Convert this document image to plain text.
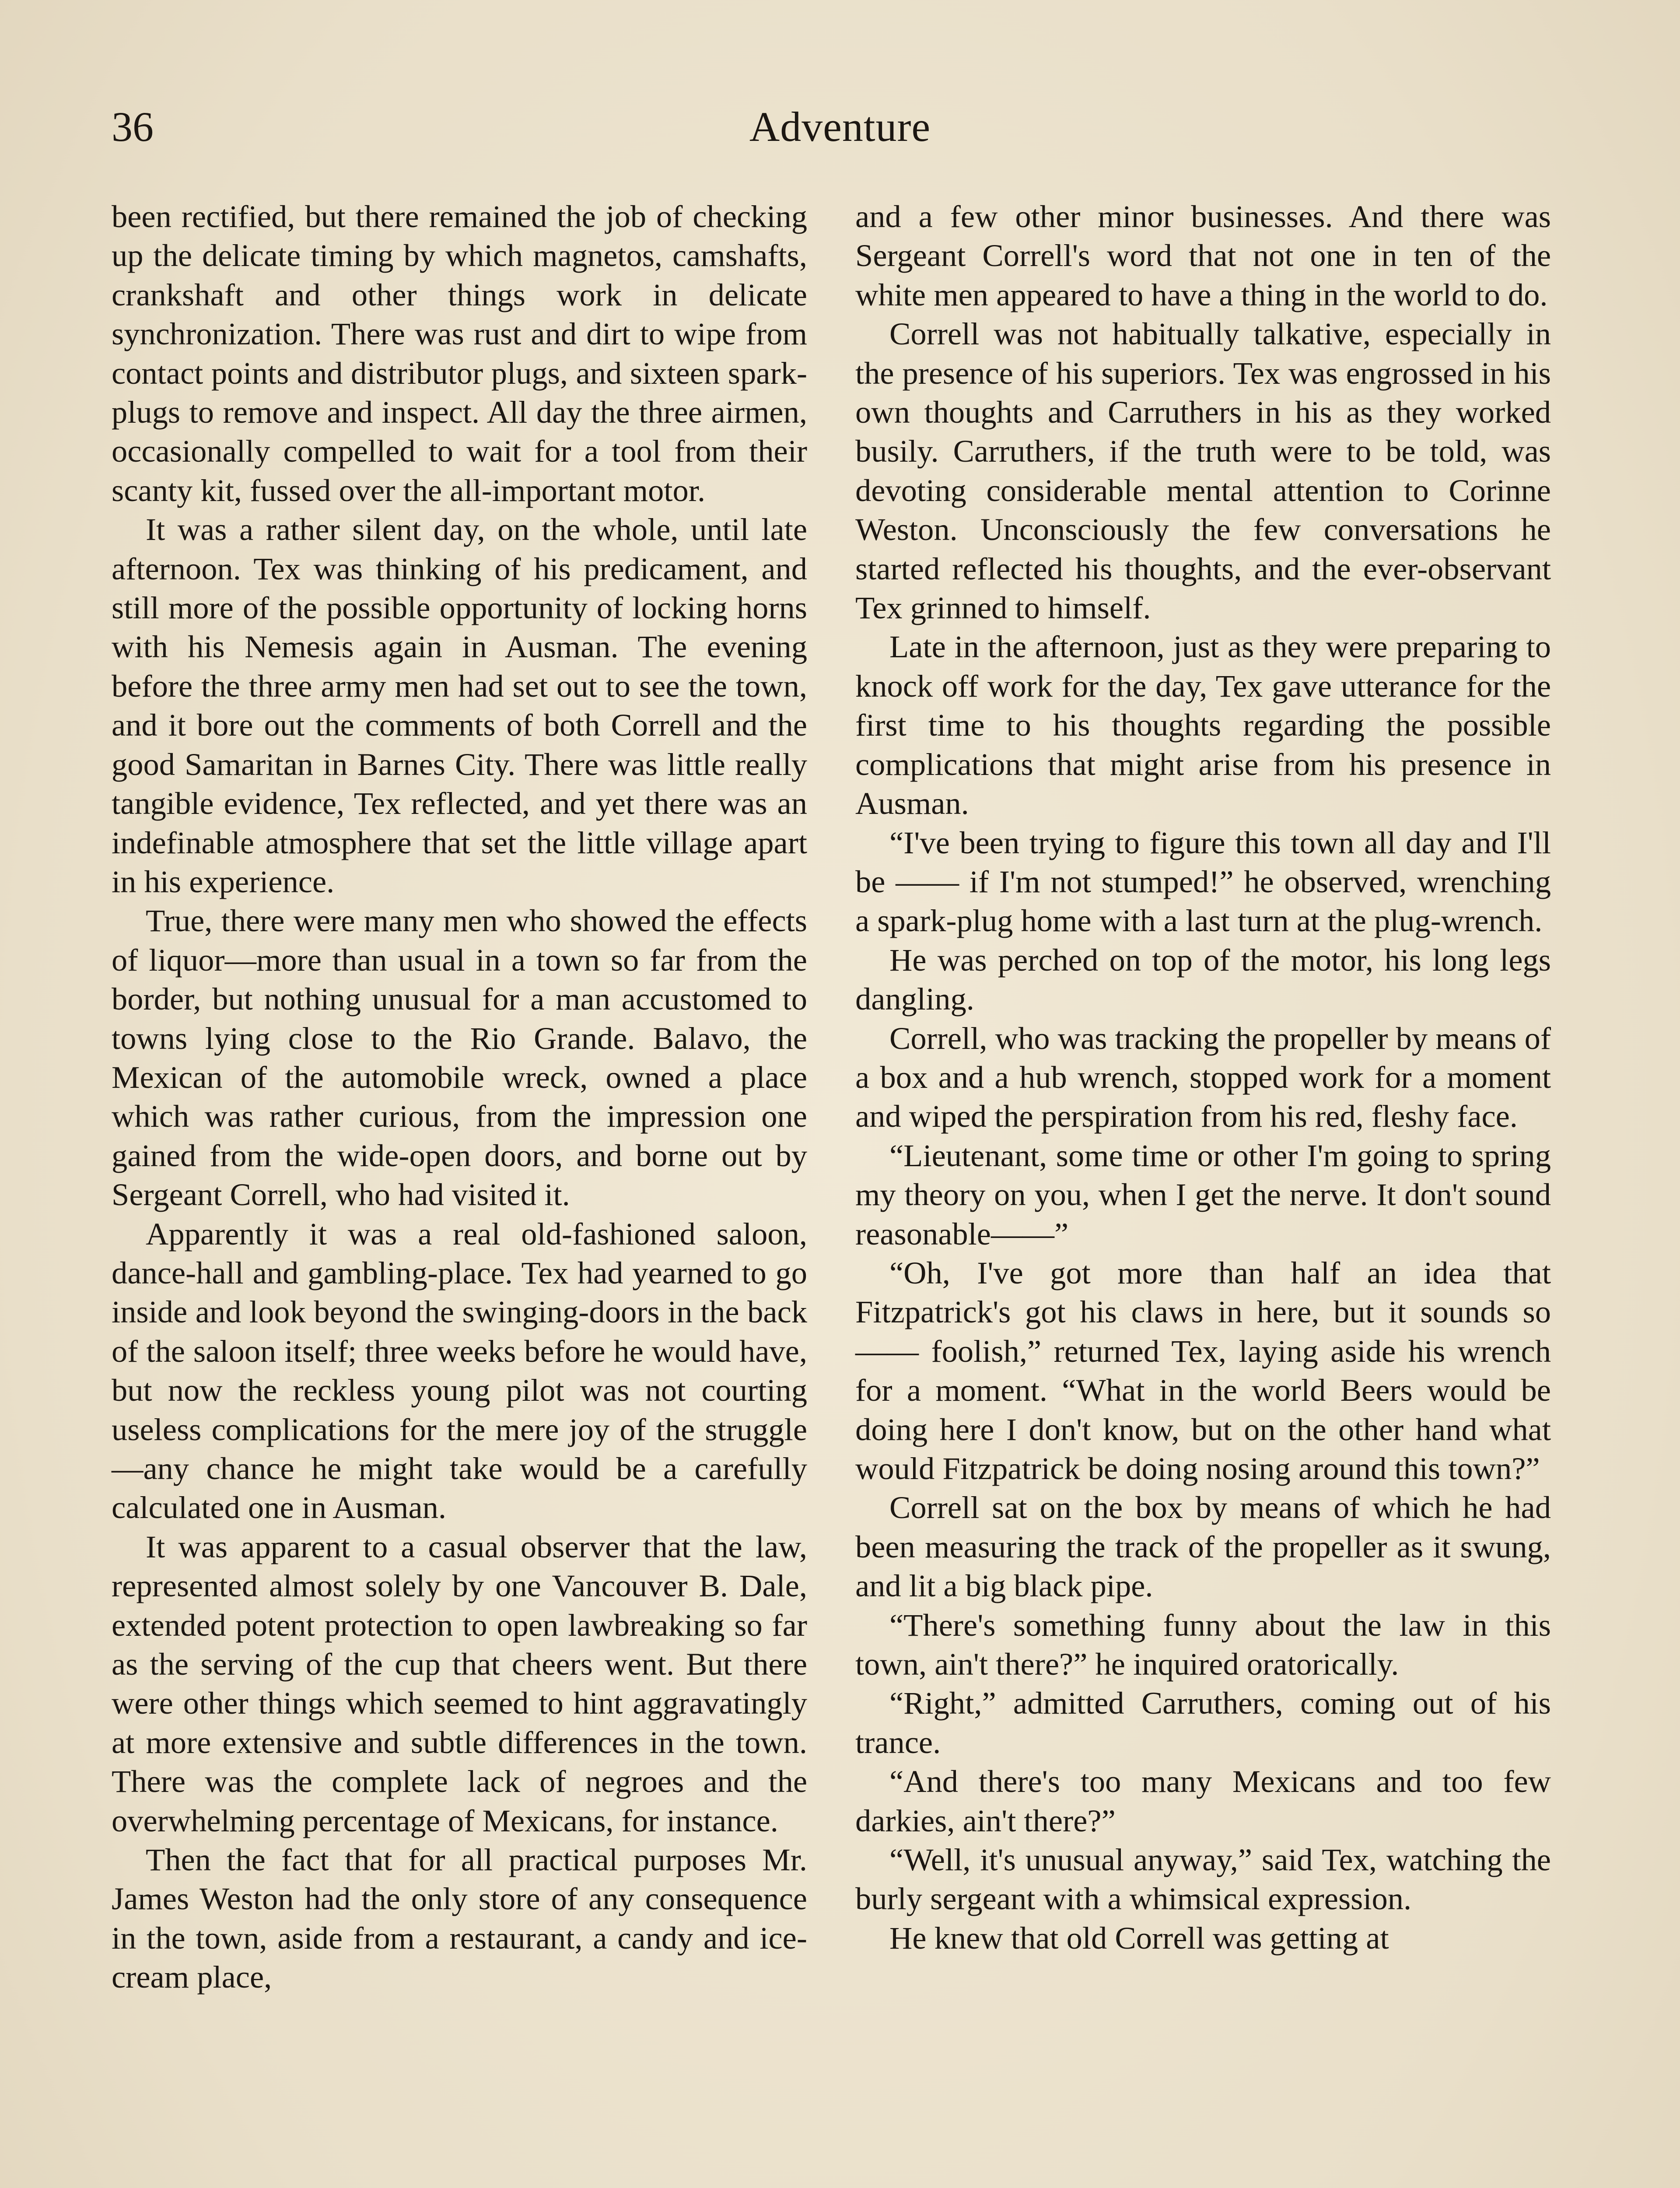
36	Adventure

been rectified, but there remained the job of checking up the delicate timing by which magnetos, camshafts, crankshaft and other things work in delicate synchronization. There was rust and dirt to wipe from contact points and distributor plugs, and sixteen spark-plugs to remove and inspect. All day the three airmen, occasionally compelled to wait for a tool from their scanty kit, fussed over the all-important motor.

It was a rather silent day, on the whole, until late afternoon. Tex was thinking of his predicament, and still more of the possible opportunity of locking horns with his Nemesis again in Ausman. The evening before the three army men had set out to see the town, and it bore out the comments of both Correll and the good Samaritan in Barnes City. There was little really tangible evidence, Tex reflected, and yet there was an indefinable atmosphere that set the little village apart in his experience.

True, there were many men who showed the effects of liquor—more than usual in a town so far from the border, but nothing unusual for a man accustomed to towns lying close to the Rio Grande. Balavo, the Mexican of the automobile wreck, owned a place which was rather curious, from the impression one gained from the wide-open doors, and borne out by Sergeant Correll, who had visited it.

Apparently it was a real old-fashioned saloon, dance-hall and gambling-place. Tex had yearned to go inside and look beyond the swinging-doors in the back of the saloon itself; three weeks before he would have, but now the reckless young pilot was not courting useless complications for the mere joy of the struggle—any chance he might take would be a carefully calculated one in Ausman.

It was apparent to a casual observer that the law, represented almost solely by one Vancouver B. Dale, extended potent protection to open lawbreaking so far as the serving of the cup that cheers went. But there were other things which seemed to hint aggravatingly at more extensive and subtle differences in the town. There was the complete lack of negroes and the overwhelming percentage of Mexicans, for instance.

Then the fact that for all practical purposes Mr. James Weston had the only store of any consequence in the town, aside from a restaurant, a candy and ice-cream place,

and a few other minor businesses. And there was Sergeant Correll's word that not one in ten of the white men appeared to have a thing in the world to do.

Correll was not habitually talkative, especially in the presence of his superiors. Tex was engrossed in his own thoughts and Carruthers in his as they worked busily. Carruthers, if the truth were to be told, was devoting considerable mental attention to Corinne Weston. Unconsciously the few conversations he started reflected his thoughts, and the ever-observant Tex grinned to himself.

Late in the afternoon, just as they were preparing to knock off work for the day, Tex gave utterance for the first time to his thoughts regarding the possible complications that might arise from his presence in Ausman.

“I've been trying to figure this town all day and I'll be —— if I'm not stumped!” he observed, wrenching a spark-plug home with a last turn at the plug-wrench.

He was perched on top of the motor, his long legs dangling.

Correll, who was tracking the propeller by means of a box and a hub wrench, stopped work for a moment and wiped the perspiration from his red, fleshy face.

“Lieutenant, some time or other I'm going to spring my theory on you, when I get the nerve. It don't sound reasonable——”

“Oh, I've got more than half an idea that Fitzpatrick's got his claws in here, but it sounds so —— foolish,” returned Tex, laying aside his wrench for a moment. “What in the world Beers would be doing here I don't know, but on the other hand what would Fitzpatrick be doing nosing around this town?”

Correll sat on the box by means of which he had been measuring the track of the propeller as it swung, and lit a big black pipe.

“There's something funny about the law in this town, ain't there?” he inquired oratorically.

“Right,” admitted Carruthers, coming out of his trance.

“And there's too many Mexicans and too few darkies, ain't there?”

“Well, it's unusual anyway,” said Tex, watching the burly sergeant with a whimsical expression.

He knew that old Correll was getting at
